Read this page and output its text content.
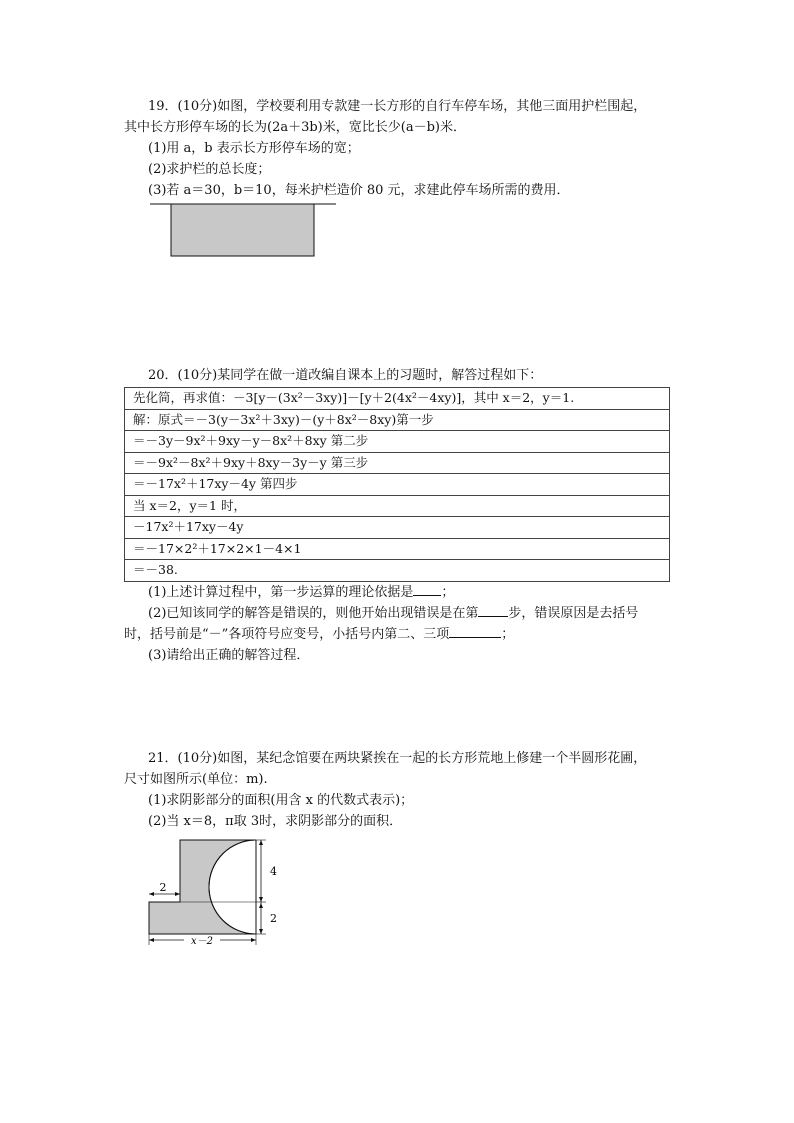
19．(10分)如图，学校要利用专款建一长方形的自行车停车场，其他三面用护栏围起，
其中长方形停车场的长为(2a＋3b)米，宽比长少(a－b)米．
(1)用 a，b 表示长方形停车场的宽；
(2)求护栏的总长度；
(3)若 a＝30，b＝10，每米护栏造价 80 元，求建此停车场所需的费用．
20．(10分)某同学在做一道改编自课本上的习题时，解答过程如下：
先化简，再求值：－3[y－(3x²－3xy)]－[y＋2(4x²－4xy)]，其中 x＝2，y＝1.
解：原式＝－3(y－3x²＋3xy)－(y＋8x²－8xy)第一步
＝－3y－9x²＋9xy－y－8x²＋8xy 第二步
＝－9x²－8x²＋9xy＋8xy－3y－y 第三步
＝－17x²＋17xy－4y 第四步
当 x＝2，y＝1 时，
－17x²＋17xy－4y
＝－17×2²＋17×2×1－4×1
＝－38.
(1)上述计算过程中，第一步运算的理论依据是 ；
(2)已知该同学的解答是错误的，则他开始出现错误是在第 步，错误原因是去括号
时，括号前是“－”各项符号应变号，小括号内第二、三项	；
(3)请给出正确的解答过程．
21．(10分)如图，某纪念馆要在两块紧挨在一起的长方形荒地上修建一个半圆形花圃，
尺寸如图所示(单位：m).
(1)求阴影部分的面积(用含 x 的代数式表示)；
(2)当 x＝8，π取 3时，求阴影部分的面积．
2
4
2
x－2
